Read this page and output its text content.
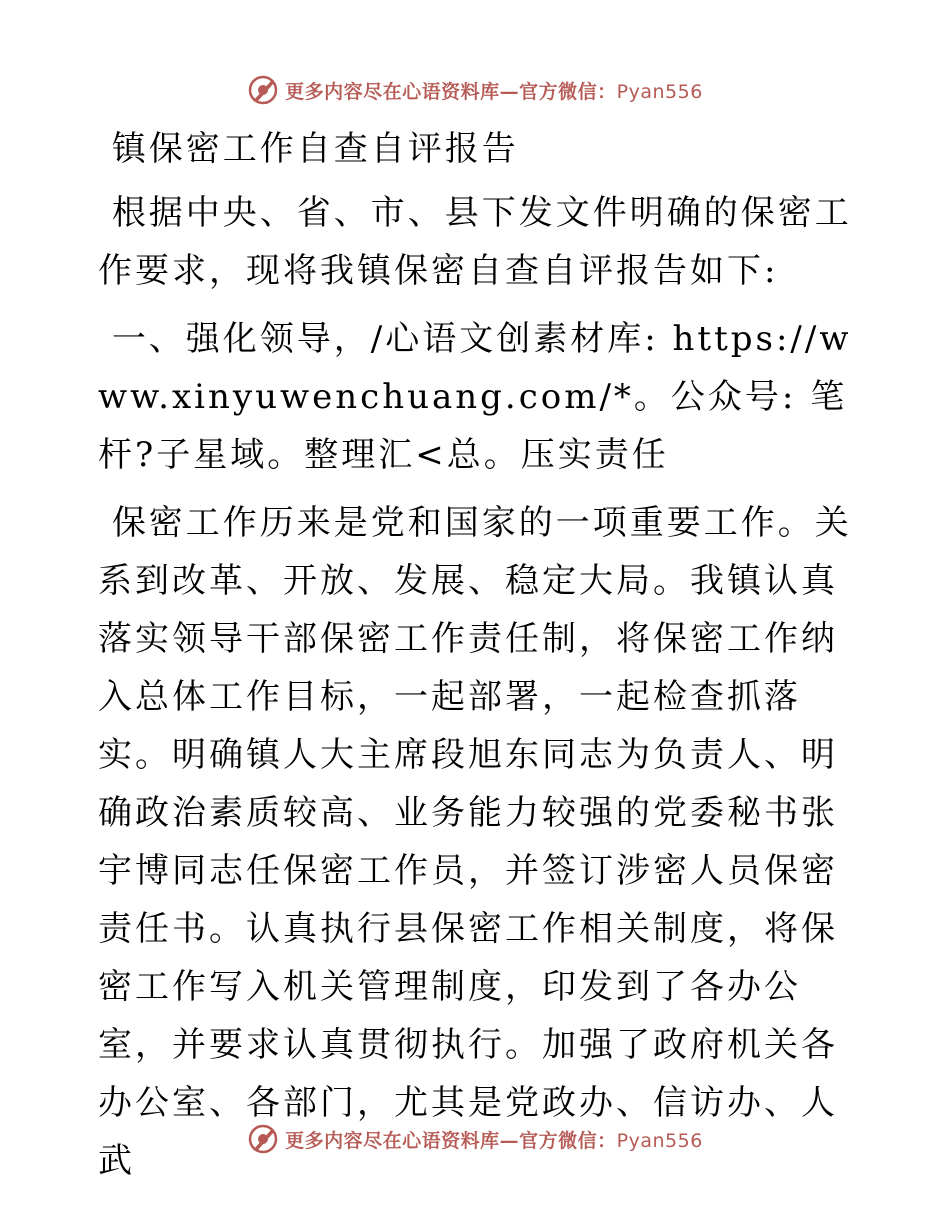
更多内容尽在心语资料库—官方微信：Pyan556

镇保密工作自查自评报告

根据中央、省、市、县下发文件明确的保密工作要求，现将我镇保密自查自评报告如下:

一、强化领导，/心语文创素材库: https://www.xinyuwenchuang.com/*。公众号: 笔杆?子星域。整理汇<总。压实责任

保密工作历来是党和国家的一项重要工作。关系到改革、开放、发展、稳定大局。我镇认真落实领导干部保密工作责任制，将保密工作纳入总体工作目标，一起部署，一起检查抓落实。明确镇人大主席段旭东同志为负责人、明确政治素质较高、业务能力较强的党委秘书张宇博同志任保密工作员，并签订涉密人员保密责任书。认真执行县保密工作相关制度，将保密工作写入机关管理制度，印发到了各办公室，并要求认真贯彻执行。加强了政府机关各办公室、各部门，尤其是党政办、信访办、人武

更多内容尽在心语资料库—官方微信：Pyan556
